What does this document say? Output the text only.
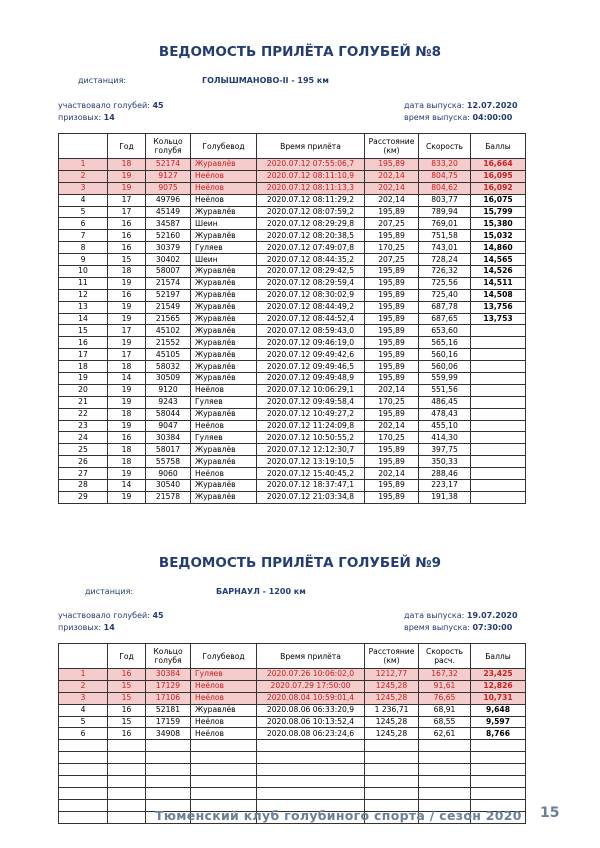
ВЕДОМОСТЬ ПРИЛЁТА ГОЛУБЕЙ №8
дистанция:	ГОЛЫШМАНОВО-II - 195 км
участвовало голубей: 45
призовых: 14
дата выпуска: 12.07.2020
время выпуска: 04:00:00
	Год	Кольцо голубя	Голубевод	Время прилёта	Расстояние (км)	Скорость	Баллы
1	18	52174	Журавлёв	2020.07.12 07:55:06,7	195,89	833,20	16,664
2	19	9127	Неёлов	2020.07.12 08:11:10,9	202,14	804,75	16,095
3	19	9075	Неёлов	2020.07.12 08:11:13,3	202,14	804,62	16,092
4	17	49796	Неёлов	2020.07.12 08:11:29,2	202,14	803,77	16,075
5	17	45149	Журавлёв	2020.07.12 08:07:59,2	195,89	789,94	15,799
6	16	34587	Шеин	2020.07.12 08:29:29,8	207,25	769,01	15,380
7	16	52160	Журавлёв	2020.07.12 08:20:38,5	195,89	751,58	15,032
8	16	30379	Гуляев	2020.07.12 07:49:07,8	170,25	743,01	14,860
9	15	30402	Шеин	2020.07.12 08:44:35,2	207,25	728,24	14,565
10	18	58007	Журавлёв	2020.07.12 08:29:42,5	195,89	726,32	14,526
11	19	21574	Журавлёв	2020.07.12 08:29:59,4	195,89	725,56	14,511
12	16	52197	Журавлёв	2020.07.12 08:30:02,9	195,89	725,40	14,508
13	19	21549	Журавлёв	2020.07.12 08:44:49,2	195,89	687,78	13,756
14	19	21565	Журавлёв	2020.07.12 08:44:52,4	195,89	687,65	13,753
15	17	45102	Журавлёв	2020.07.12 08:59:43,0	195,89	653,60	
16	19	21552	Журавлёв	2020.07.12 09:46:19,0	195,89	565,16	
17	17	45105	Журавлёв	2020.07.12 09:49:42,6	195,89	560,16	
18	18	58032	Журавлёв	2020.07.12 09:49:46,5	195,89	560,06	
19	14	30509	Журавлёв	2020.07.12 09:49:48,9	195,89	559,99	
20	19	9120	Неёлов	2020.07.12 10:06:29,1	202,14	551,56	
21	19	9243	Гуляев	2020.07.12 09:49:58,4	170,25	486,45	
22	18	58044	Журавлёв	2020.07.12 10:49:27,2	195,89	478,43	
23	19	9047	Неёлов	2020.07.12 11:24:09,8	202,14	455,10	
24	16	30384	Гуляев	2020.07.12 10:50:55,2	170,25	414,30	
25	18	58017	Журавлёв	2020.07.12 12:12:30,7	195,89	397,75	
26	18	55758	Журавлёв	2020.07.12 13:19:10,5	195,89	350,33	
27	19	9060	Неёлов	2020.07.12 15:40:45,2	202,14	288,46	
28	14	30540	Журавлёв	2020.07.12 18:37:47,1	195,89	223,17	
29	19	21578	Журавлёв	2020.07.12 21:03:34,8	195,89	191,38	
ВЕДОМОСТЬ ПРИЛЁТА ГОЛУБЕЙ №9
дистанция:	БАРНАУЛ - 1200 км
участвовало голубей: 45
призовых: 14
дата выпуска: 19.07.2020
время выпуска: 07:30:00
	Год	Кольцо голубя	Голубевод	Время прилёта	Расстояние (км)	Скорость расч.	Баллы
1	16	30384	Гуляев	2020.07.26 10:06:02,0	1212,77	167,32	23,425
2	15	17129	Неёлов	2020.07.29 17:50:00	1245,28	91,61	12,826
3	15	17106	Неёлов	2020.08.04 10:59:01,4	1245,28	76,65	10,731
4	16	52181	Журавлёв	2020.08.06 06:33:20,9	1 236,71	68,91	9,648
5	15	17159	Неёлов	2020.08.06 10:13:52,4	1245,28	68,55	9,597
6	16	34908	Неёлов	2020.08.08 06:23:24,6	1245,28	62,61	8,766

Тюменский клуб голубиного спорта / сезон 2020 15
